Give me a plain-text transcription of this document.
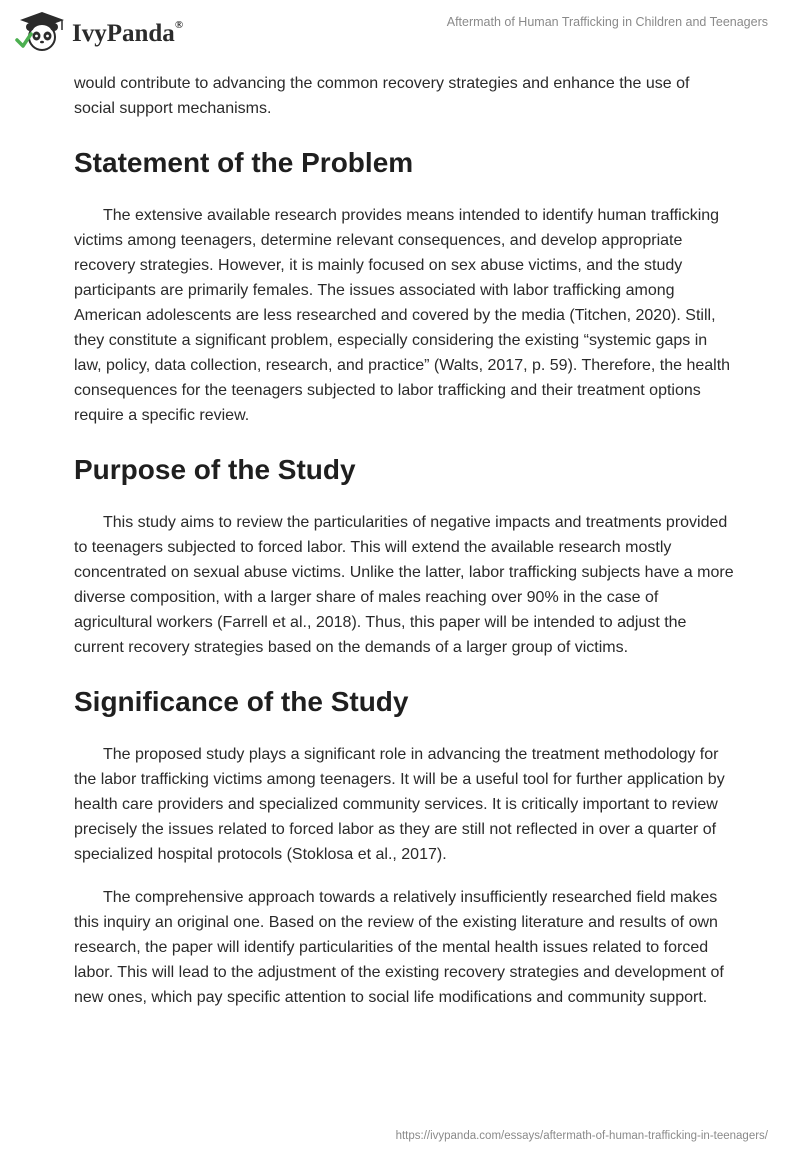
IvyPanda®	Aftermath of Human Trafficking in Children and Teenagers

would contribute to advancing the common recovery strategies and enhance the use of social support mechanisms.

Statement of the Problem

The extensive available research provides means intended to identify human trafficking victims among teenagers, determine relevant consequences, and develop appropriate recovery strategies. However, it is mainly focused on sex abuse victims, and the study participants are primarily females. The issues associated with labor trafficking among American adolescents are less researched and covered by the media (Titchen, 2020). Still, they constitute a significant problem, especially considering the existing “systemic gaps in law, policy, data collection, research, and practice” (Walts, 2017, p. 59). Therefore, the health consequences for the teenagers subjected to labor trafficking and their treatment options require a specific review.

Purpose of the Study

This study aims to review the particularities of negative impacts and treatments provided to teenagers subjected to forced labor. This will extend the available research mostly concentrated on sexual abuse victims. Unlike the latter, labor trafficking subjects have a more diverse composition, with a larger share of males reaching over 90% in the case of agricultural workers (Farrell et al., 2018). Thus, this paper will be intended to adjust the current recovery strategies based on the demands of a larger group of victims.

Significance of the Study

The proposed study plays a significant role in advancing the treatment methodology for the labor trafficking victims among teenagers. It will be a useful tool for further application by health care providers and specialized community services. It is critically important to review precisely the issues related to forced labor as they are still not reflected in over a quarter of specialized hospital protocols (Stoklosa et al., 2017).

The comprehensive approach towards a relatively insufficiently researched field makes this inquiry an original one. Based on the review of the existing literature and results of own research, the paper will identify particularities of the mental health issues related to forced labor. This will lead to the adjustment of the existing recovery strategies and development of new ones, which pay specific attention to social life modifications and community support.

https://ivypanda.com/essays/aftermath-of-human-trafficking-in-teenagers/
